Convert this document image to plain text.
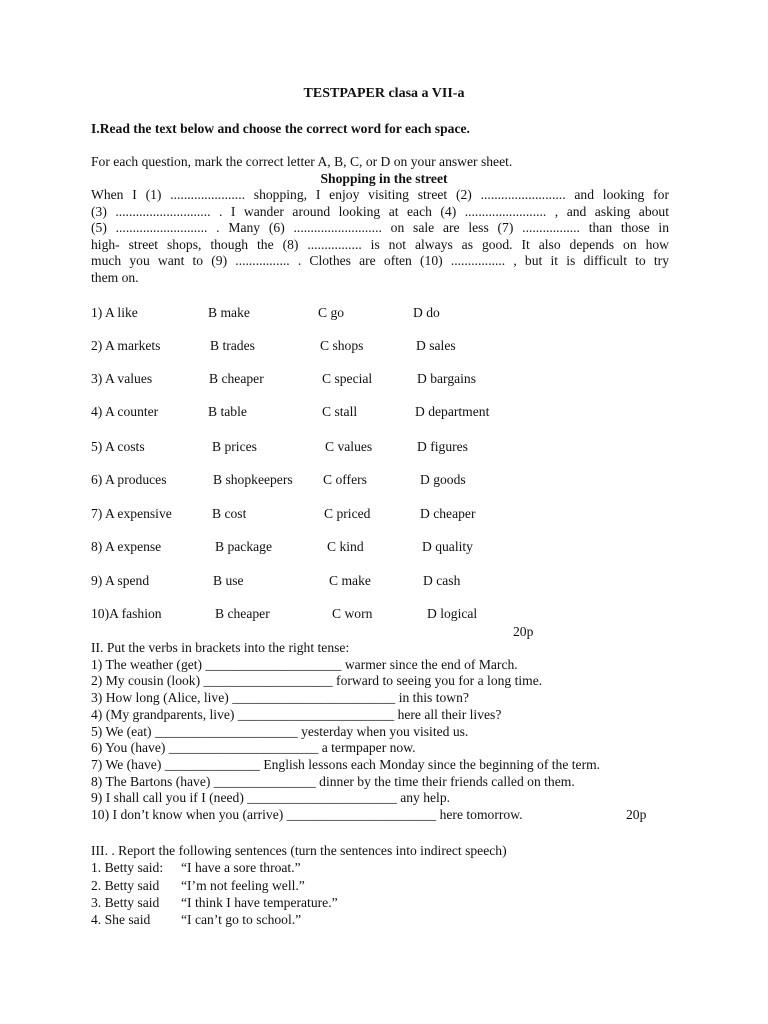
TESTPAPER clasa a VII-a
I.Read the text below and choose the correct word for each space.
For each question, mark the correct letter A, B, C, or D on your answer sheet.
Shopping in the street
When I (1) ...................... shopping, I enjoy visiting street (2) ......................... and looking for
(3) ............................ . I wander around looking at each (4) ........................ , and asking about
(5) ........................... . Many (6) .......................... on sale are less (7) ................. than those in
high- street shops, though the (8) ................ is not always as good. It also depends on how
much you want to (9) ................ . Clothes are often (10) ................ , but it is difficult to try
them on.
1) A like	B make	C go	D do
2) A markets	B trades	C shops	D sales
3) A values	B cheaper	C special	D bargains
4) A counter	B table	C stall	D department
5) A costs	B prices	C values	D figures
6) A produces	B shopkeepers C offers	D goods
7) A expensive	B cost	C priced	D cheaper
8) A expense	B package	C kind	D quality
9) A spend	B use	C make	D cash
10)A fashion	B cheaper	C worn	D logical
20p
II. Put the verbs in brackets into the right tense:
1) The weather (get) ____________________ warmer since the end of March.
2) My cousin (look) ___________________ forward to seeing you for a long time.
3) How long (Alice, live) ________________________ in this town?
4) (My grandparents, live) _______________________ here all their lives?
5) We (eat) _____________________ yesterday when you visited us.
6) You (have) ______________________ a termpaper now.
7) We (have) ______________ English lessons each Monday since the beginning of the term.
8) The Bartons (have) _______________ dinner by the time their friends called on them.
9) I shall call you if I (need) ______________________ any help.
10) I don’t know when you (arrive) ______________________ here tomorrow.	20p
III. . Report the following sentences (turn the sentences into indirect speech)
1. Betty said: “I have a sore throat.”
2. Betty said “I’m not feeling well.”
3. Betty said “I think I have temperature.”
4. She said “I can’t go to school.”
